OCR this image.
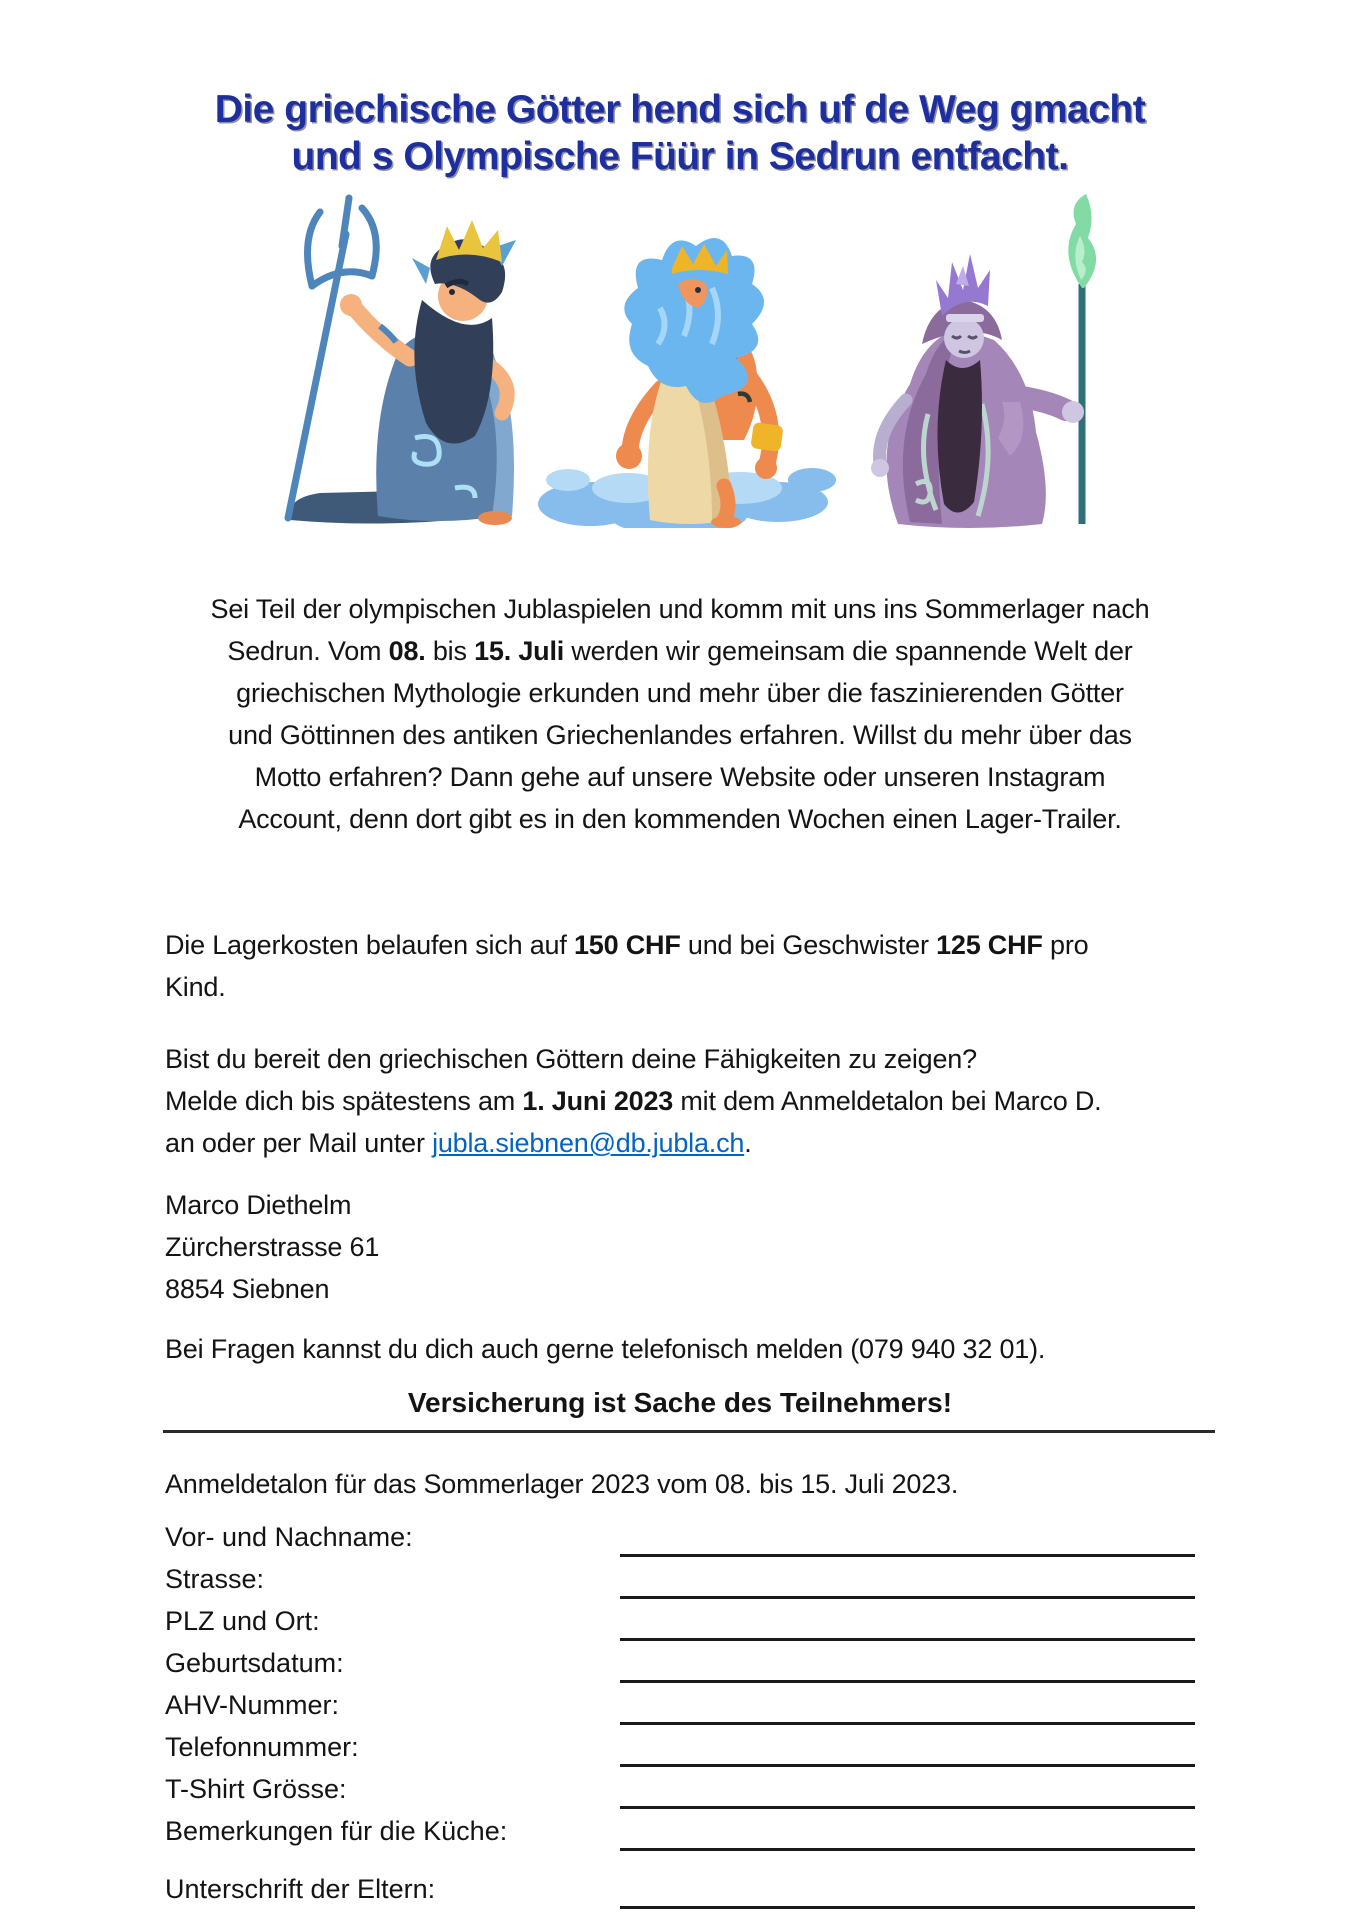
Die griechische Götter hend sich uf de Weg gmacht
und s Olympische Füür in Sedrun entfacht.
Sei Teil der olympischen Jublaspielen und komm mit uns ins Sommerlager nach
Sedrun. Vom 08. bis 15. Juli werden wir gemeinsam die spannende Welt der
griechischen Mythologie erkunden und mehr über die faszinierenden Götter
und Göttinnen des antiken Griechenlandes erfahren. Willst du mehr über das
Motto erfahren? Dann gehe auf unsere Website oder unseren Instagram
Account, denn dort gibt es in den kommenden Wochen einen Lager-Trailer.
Die Lagerkosten belaufen sich auf 150 CHF und bei Geschwister 125 CHF pro
Kind.
Bist du bereit den griechischen Göttern deine Fähigkeiten zu zeigen?
Melde dich bis spätestens am 1. Juni 2023 mit dem Anmeldetalon bei Marco D.
an oder per Mail unter jubla.siebnen@db.jubla.ch.
Marco Diethelm
Zürcherstrasse 61
8854 Siebnen
Bei Fragen kannst du dich auch gerne telefonisch melden (079 940 32 01).
Versicherung ist Sache des Teilnehmers!
Anmeldetalon für das Sommerlager 2023 vom 08. bis 15. Juli 2023.
Vor- und Nachname:
Strasse:
PLZ und Ort:
Geburtsdatum:
AHV-Nummer:
Telefonnummer:
T-Shirt Grösse:
Bemerkungen für die Küche:
Unterschrift der Eltern:
